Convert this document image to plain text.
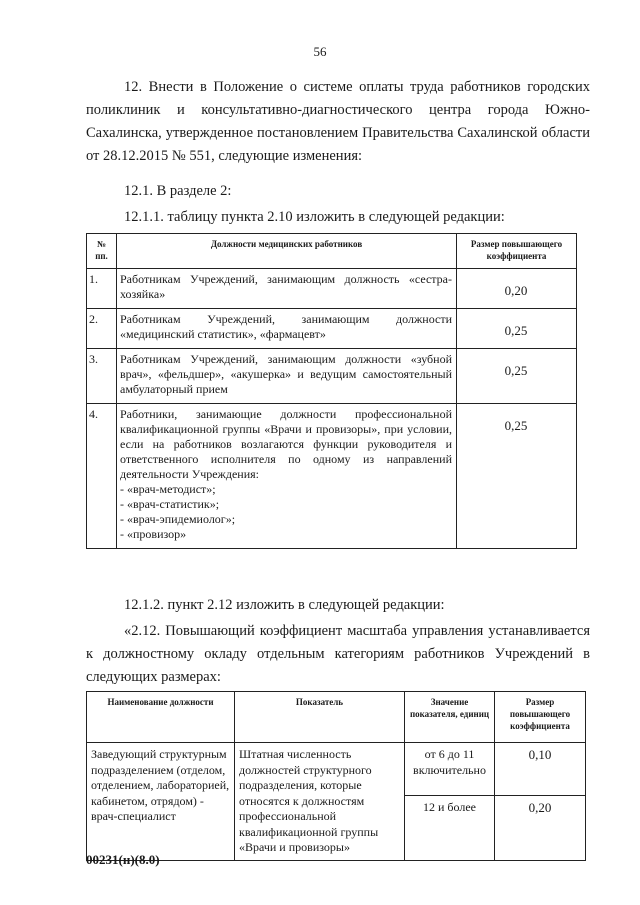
56

12. Внести в Положение о системе оплаты труда работников городских поликлиник и консультативно-диагностического центра города Южно-Сахалинска, утвержденное постановлением Правительства Сахалинской области от 28.12.2015 № 551, следующие изменения:

12.1. В разделе 2:

12.1.1. таблицу пункта 2.10 изложить в следующей редакции:

№ пп.	Должности медицинских работников	Размер повышающего коэффициента
1.	Работникам Учреждений, занимающим должность «сестра-хозяйка»	0,20
2.	Работникам Учреждений, занимающим должности «медицинский статистик», «фармацевт»	0,25
3.	Работникам Учреждений, занимающим должности «зубной врач», «фельдшер», «акушерка» и ведущим самостоятельный амбулаторный прием	0,25
4.	Работники, занимающие должности профессиональной квалификационной группы «Врачи и провизоры», при условии, если на работников возлагаются функции руководителя и ответственного исполнителя по одному из направлений деятельности Учреждения:
- «врач-методист»;
- «врач-статистик»;
- «врач-эпидемиолог»;
- «провизор»	0,25

12.1.2. пункт 2.12 изложить в следующей редакции:

«2.12. Повышающий коэффициент масштаба управления устанавливается к должностному окладу отдельным категориям работников Учреждений в следующих размерах:

Наименование должности	Показатель	Значение показателя, единиц	Размер повышающего коэффициента
Заведующий структурным подразделением (отделом, отделением, лабораторией, кабинетом, отрядом) - врач-специалист	Штатная численность должностей структурного подразделения, которые относятся к должностям профессиональной квалификационной группы «Врачи и провизоры»	от 6 до 11 включительно	0,10
		12 и более	0,20
00231(н)(8.0)
